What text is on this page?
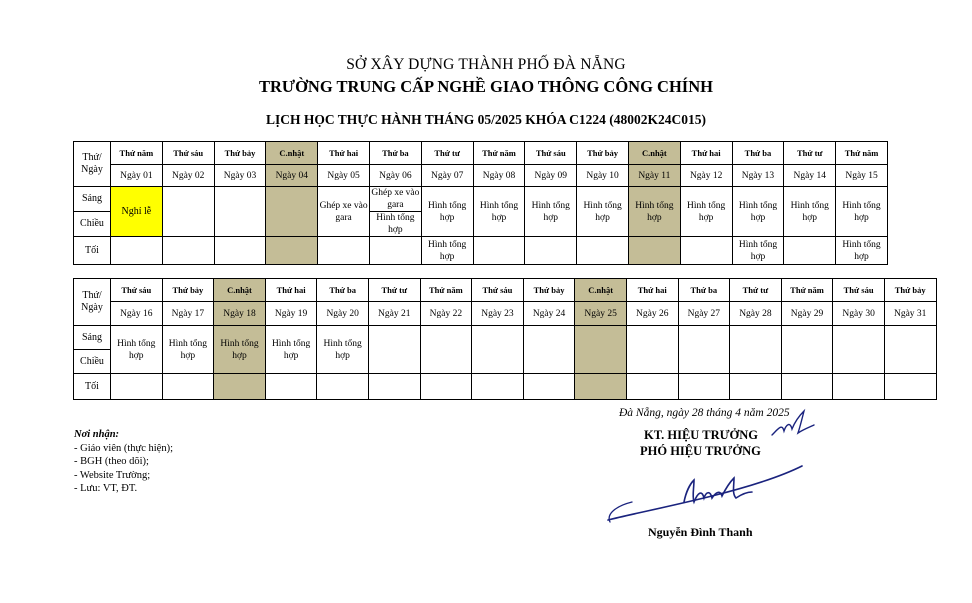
SỞ XÂY DỰNG THÀNH PHỐ ĐÀ NẴNG
TRƯỜNG TRUNG CẤP NGHỀ GIAO THÔNG CÔNG CHÍNH
LỊCH HỌC THỰC HÀNH THÁNG 05/2025 KHÓA C1224 (48002K24C015)
Thứ/ Ngày	Thứ năm	Thứ sáu	Thứ bảy	C.nhật	Thứ hai	Thứ ba	Thứ tư	Thứ năm	Thứ sáu	Thứ bảy	C.nhật	Thứ hai	Thứ ba	Thứ tư	Thứ năm
	Ngày 01	Ngày 02	Ngày 03	Ngày 04	Ngày 05	Ngày 06	Ngày 07	Ngày 08	Ngày 09	Ngày 10	Ngày 11	Ngày 12	Ngày 13	Ngày 14	Ngày 15
Sáng	Nghỉ lễ				Ghép xe vào gara	Ghép xe vào gara	Hình tổng hợp	Hình tổng hợp	Hình tổng hợp	Hình tổng hợp	Hình tổng hợp	Hình tổng hợp	Hình tổng hợp	Hình tổng hợp	Hình tổng hợp
Chiều						Hình tổng hợp									
Tối							Hình tổng hợp						Hình tổng hợp		Hình tổng hợp
Thứ/ Ngày	Thứ sáu	Thứ bảy	C.nhật	Thứ hai	Thứ ba	Thứ tư	Thứ năm	Thứ sáu	Thứ bảy	C.nhật	Thứ hai	Thứ ba	Thứ tư	Thứ năm	Thứ sáu	Thứ bảy
	Ngày 16	Ngày 17	Ngày 18	Ngày 19	Ngày 20	Ngày 21	Ngày 22	Ngày 23	Ngày 24	Ngày 25	Ngày 26	Ngày 27	Ngày 28	Ngày 29	Ngày 30	Ngày 31
Sáng	Hình tổng hợp	Hình tổng hợp	Hình tổng hợp	Hình tổng hợp	Hình tổng hợp											
Chiều																
Tối																
Nơi nhận:
- Giáo viên (thực hiện);
- BGH (theo dõi);
- Website Trường;
- Lưu: VT, ĐT.
Đà Nẵng, ngày 28 tháng 4 năm 2025
KT. HIỆU TRƯỞNG
PHÓ HIỆU TRƯỞNG
Nguyễn Đình Thanh
